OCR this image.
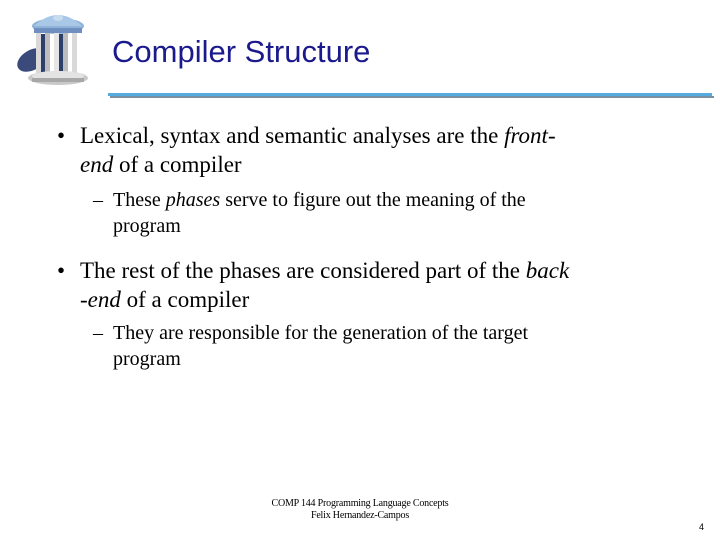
Compiler Structure
• Lexical, syntax and semantic analyses are the front-
end of a compiler
– These phases serve to figure out the meaning of the
program
• The rest of the phases are considered part of the back
-end of a compiler
– They are responsible for the generation of the target
program
COMP 144 Programming Language Concepts
Felix Hernandez-Campos
4
